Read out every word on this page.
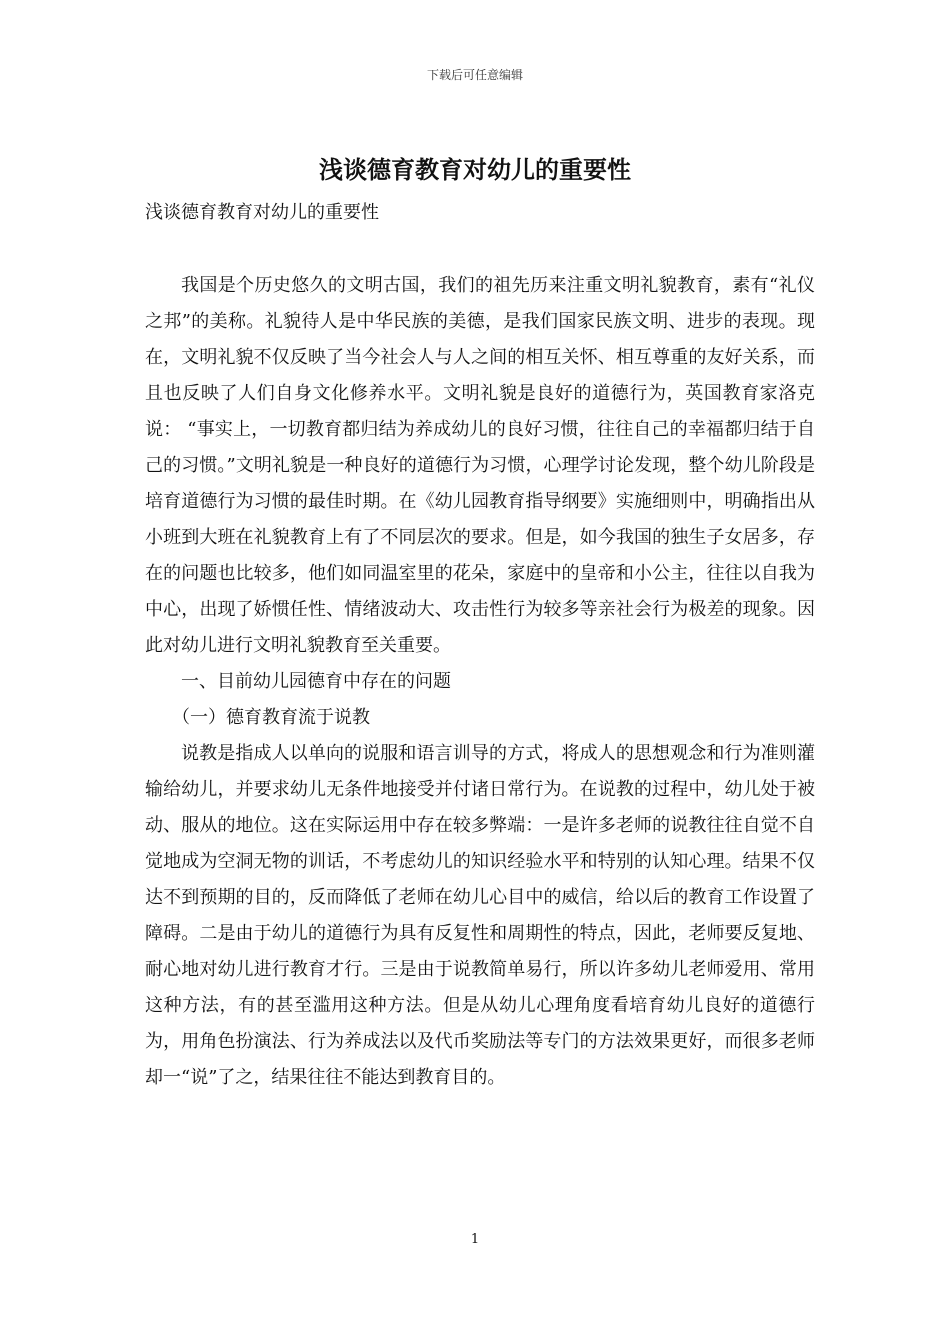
下载后可任意编辑
浅谈德育教育对幼儿的重要性
浅谈德育教育对幼儿的重要性

我国是个历史悠久的文明古国，我们的祖先历来注重文明礼貌教育，素有“礼仪之邦”的美称。礼貌待人是中华民族的美德，是我们国家民族文明、进步的表现。现在，文明礼貌不仅反映了当今社会人与人之间的相互关怀、相互尊重的友好关系，而且也反映了人们自身文化修养水平。文明礼貌是良好的道德行为，英国教育家洛克说： “事实上，一切教育都归结为养成幼儿的良好习惯，往往自己的幸福都归结于自己的习惯。”文明礼貌是一种良好的道德行为习惯，心理学讨论发现，整个幼儿阶段是培育道德行为习惯的最佳时期。在《幼儿园教育指导纲要》实施细则中，明确指出从小班到大班在礼貌教育上有了不同层次的要求。但是，如今我国的独生子女居多，存在的问题也比较多，他们如同温室里的花朵，家庭中的皇帝和小公主，往往以自我为中心，出现了娇惯任性、情绪波动大、攻击性行为较多等亲社会行为极差的现象。因此对幼儿进行文明礼貌教育至关重要。

一、目前幼儿园德育中存在的问题

（一）德育教育流于说教

说教是指成人以单向的说服和语言训导的方式，将成人的思想观念和行为准则灌输给幼儿，并要求幼儿无条件地接受并付诸日常行为。在说教的过程中，幼儿处于被动、服从的地位。这在实际运用中存在较多弊端：一是许多老师的说教往往自觉不自觉地成为空洞无物的训话，不考虑幼儿的知识经验水平和特别的认知心理。结果不仅达不到预期的目的，反而降低了老师在幼儿心目中的威信，给以后的教育工作设置了障碍。二是由于幼儿的道德行为具有反复性和周期性的特点，因此，老师要反复地、耐心地对幼儿进行教育才行。三是由于说教简单易行，所以许多幼儿老师爱用、常用这种方法，有的甚至滥用这种方法。但是从幼儿心理角度看培育幼儿良好的道德行为，用角色扮演法、行为养成法以及代币奖励法等专门的方法效果更好，而很多老师却一“说”了之，结果往往不能达到教育目的。

1
